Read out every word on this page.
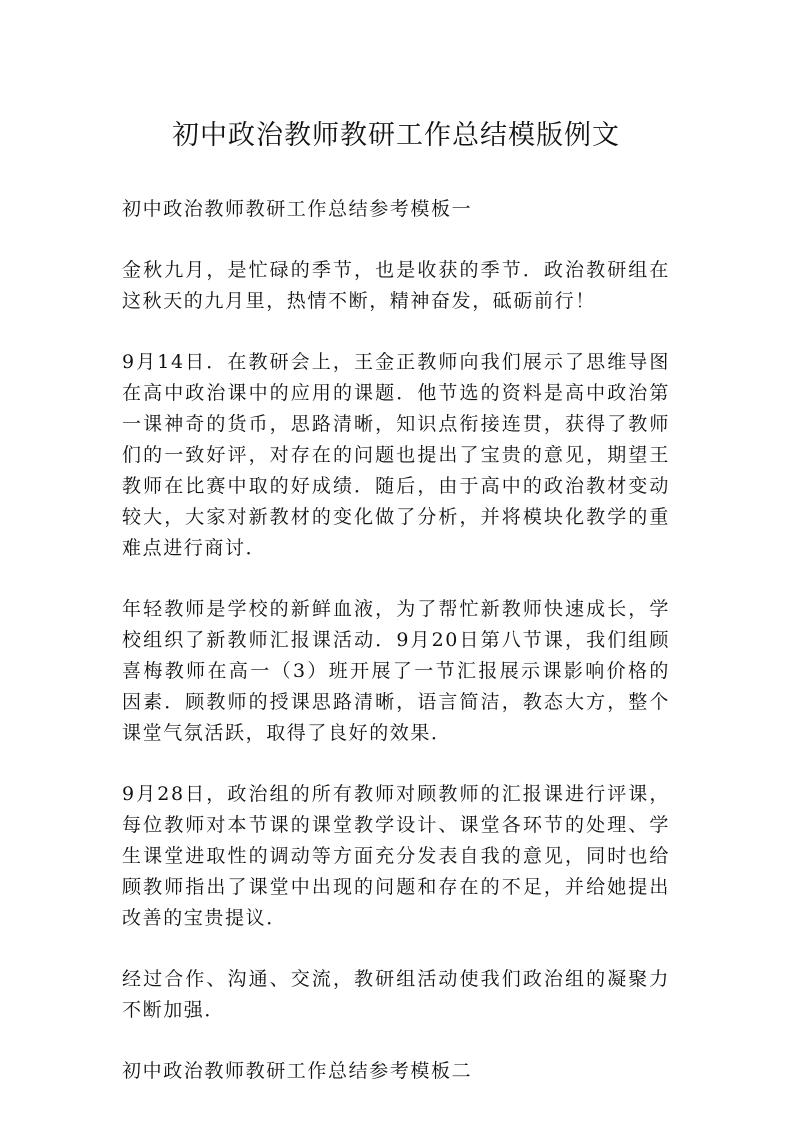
初中政治教师教研工作总结模版例文

初中政治教师教研工作总结参考模板一

金秋九月，是忙碌的季节，也是收获的季节．政治教研组在这秋天的九月里，热情不断，精神奋发，砥砺前行！

9月14日．在教研会上，王金正教师向我们展示了思维导图在高中政治课中的应用的课题．他节选的资料是高中政治第一课神奇的货币，思路清晰，知识点衔接连贯，获得了教师们的一致好评，对存在的问题也提出了宝贵的意见，期望王教师在比赛中取的好成绩．随后，由于高中的政治教材变动较大，大家对新教材的变化做了分析，并将模块化教学的重难点进行商讨．

年轻教师是学校的新鲜血液，为了帮忙新教师快速成长，学校组织了新教师汇报课活动．9月20日第八节课，我们组顾喜梅教师在高一（3）班开展了一节汇报展示课影响价格的因素．顾教师的授课思路清晰，语言简洁，教态大方，整个课堂气氛活跃，取得了良好的效果．

9月28日，政治组的所有教师对顾教师的汇报课进行评课，每位教师对本节课的课堂教学设计、课堂各环节的处理、学生课堂进取性的调动等方面充分发表自我的意见，同时也给顾教师指出了课堂中出现的问题和存在的不足，并给她提出改善的宝贵提议．

经过合作、沟通、交流，教研组活动使我们政治组的凝聚力不断加强．

初中政治教师教研工作总结参考模板二
